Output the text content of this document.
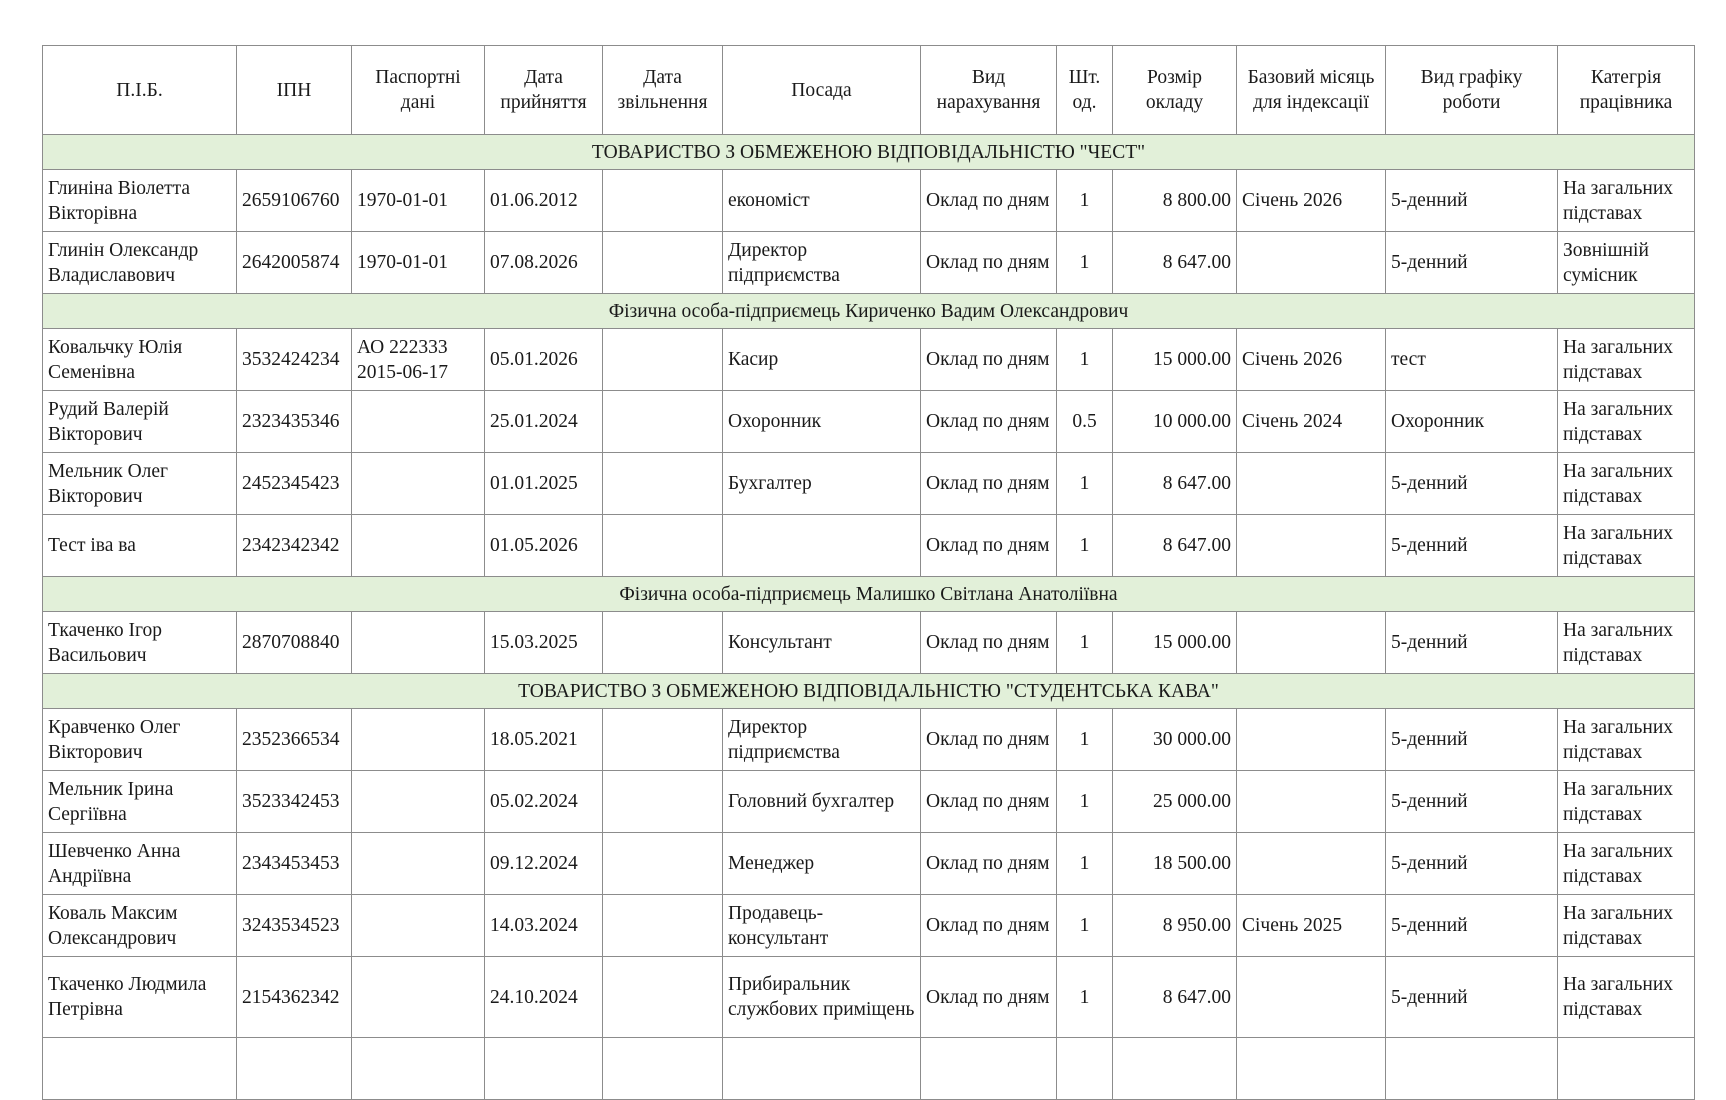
П.І.Б.	ІПН	Паспортні дані	Дата прийняття	Дата звільнення	Посада	Вид нарахування	Шт. од.	Розмір окладу	Базовий місяць для індексації	Вид графіку роботи	Категрія працівника
ТОВАРИСТВО З ОБМЕЖЕНОЮ ВІДПОВІДАЛЬНІСТЮ "ЧЕСТ"											
Глиніна Віолетта Вікторівна	2659106760	1970-01-01	01.06.2012		економіст	Оклад по дням	1	8 800.00	Січень 2026	5-денний	На загальних підставах
Глинін Олександр Владиславович	2642005874	1970-01-01	07.08.2026		Директор підприємства	Оклад по дням	1	8 647.00		5-денний	Зовнішній сумісник
Фізична особа-підприємець Кириченко Вадим Олександрович											
Ковальчку Юлія Семенівна	3532424234	АО 222333 2015-06-17	05.01.2026		Касир	Оклад по дням	1	15 000.00	Січень 2026	тест	На загальних підставах
Рудий Валерій Вікторович	2323435346		25.01.2024		Охоронник	Оклад по дням	0.5	10 000.00	Січень 2024	Охоронник	На загальних підставах
Мельник Олег Вікторович	2452345423		01.01.2025		Бухгалтер	Оклад по дням	1	8 647.00		5-денний	На загальних підставах
Тест іва ва	2342342342		01.05.2026			Оклад по дням	1	8 647.00		5-денний	На загальних підставах
Фізична особа-підприємець Малишко Світлана Анатоліївна											
Ткаченко Ігор Васильович	2870708840		15.03.2025		Консультант	Оклад по дням	1	15 000.00		5-денний	На загальних підставах
ТОВАРИСТВО З ОБМЕЖЕНОЮ ВІДПОВІДАЛЬНІСТЮ "СТУДЕНТСЬКА КАВА"											
Кравченко Олег Вікторович	2352366534		18.05.2021		Директор підприємства	Оклад по дням	1	30 000.00		5-денний	На загальних підставах
Мельник Ірина Сергіївна	3523342453		05.02.2024		Головний бухгалтер	Оклад по дням	1	25 000.00		5-денний	На загальних підставах
Шевченко Анна Андріївна	2343453453		09.12.2024		Менеджер	Оклад по дням	1	18 500.00		5-денний	На загальних підставах
Коваль Максим Олександрович	3243534523		14.03.2024		Продавець-консультант	Оклад по дням	1	8 950.00	Січень 2025	5-денний	На загальних підставах
Ткаченко Людмила Петрівна	2154362342		24.10.2024		Прибиральник службових приміщень	Оклад по дням	1	8 647.00		5-денний	На загальних підставах
